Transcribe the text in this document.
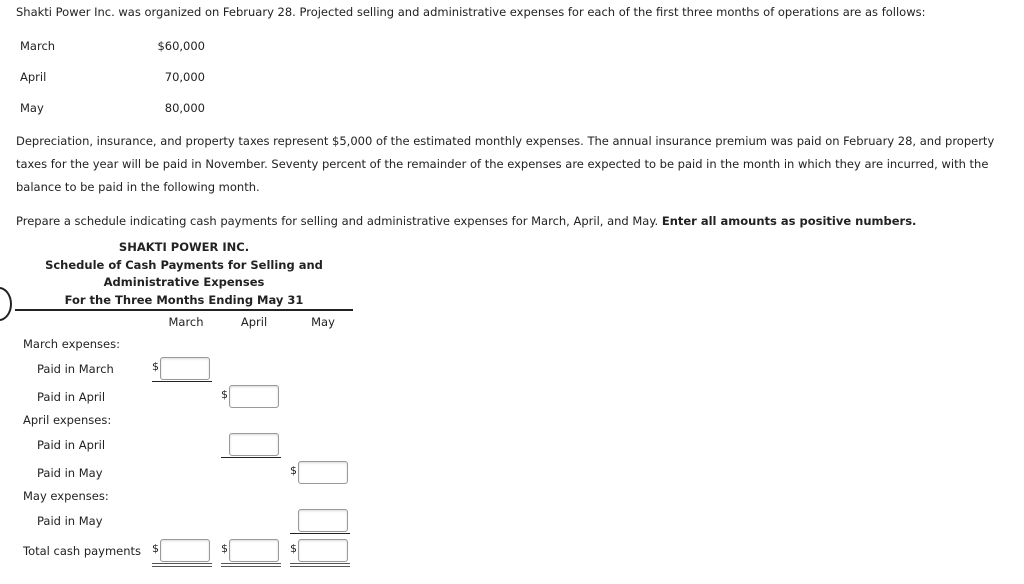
Shakti Power Inc. was organized on February 28. Projected selling and administrative expenses for each of the first three months of operations are as follows:
March	$60,000
April	70,000
May	80,000
Depreciation, insurance, and property taxes represent $5,000 of the estimated monthly expenses. The annual insurance premium was paid on February 28, and property
taxes for the year will be paid in November. Seventy percent of the remainder of the expenses are expected to be paid in the month in which they are incurred, with the
balance to be paid in the following month.
Prepare a schedule indicating cash payments for selling and administrative expenses for March, April, and May. Enter all amounts as positive numbers.
SHAKTI POWER INC.
Schedule of Cash Payments for Selling and
Administrative Expenses
For the Three Months Ending May 31
March	April	May
March expenses:
Paid in March
Paid in April
April expenses:
Paid in April
Paid in May
May expenses:
Paid in May
Total cash payments
$
$
$
$	$	$
